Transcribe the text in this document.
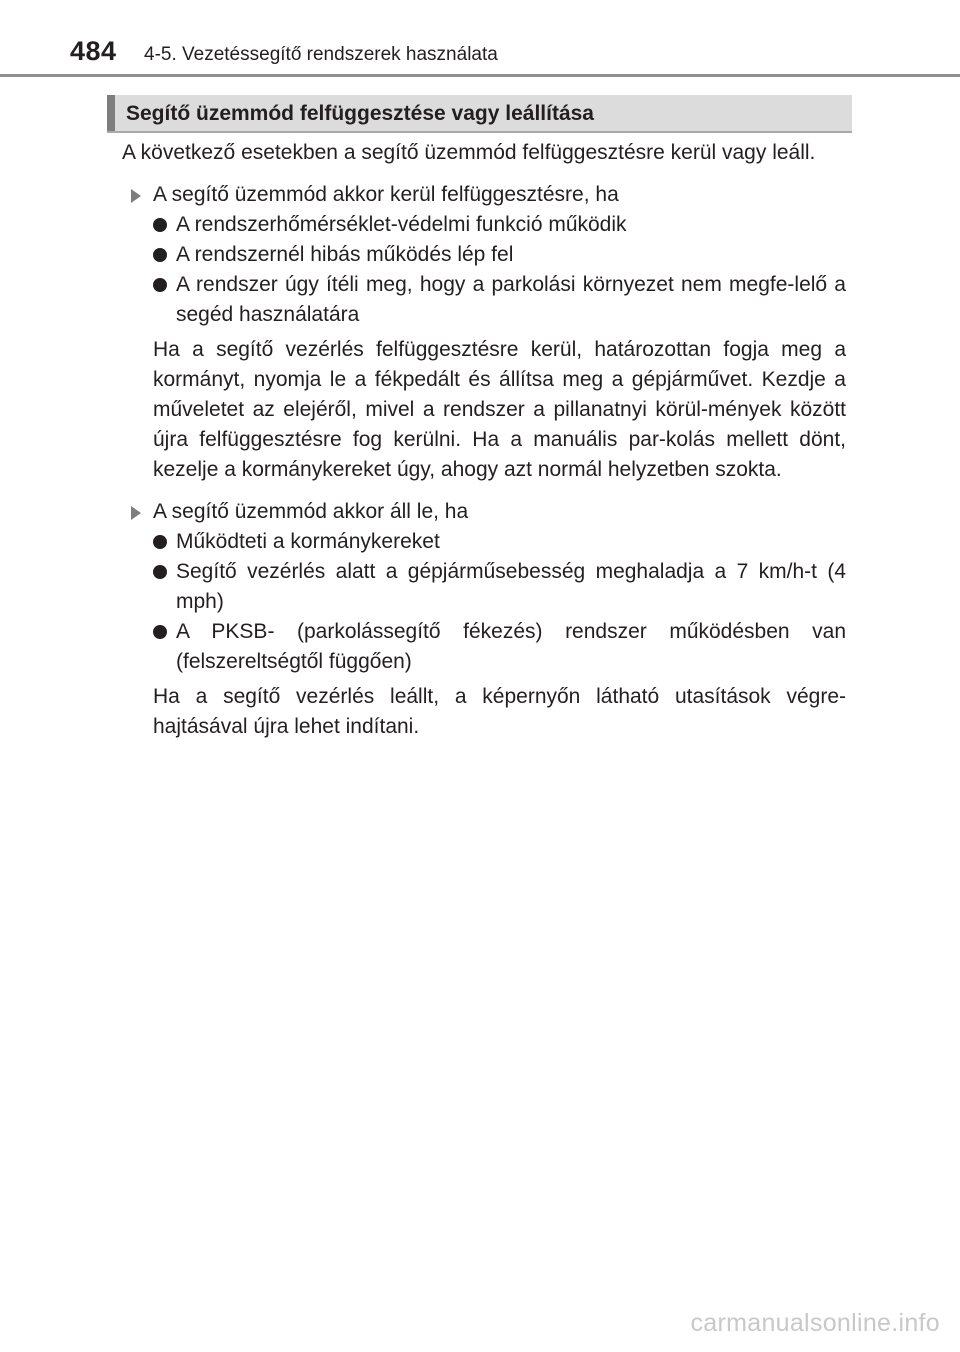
484 4-5. Vezetéssegítő rendszerek használata
Segítő üzemmód felfüggesztése vagy leállítása

A következő esetekben a segítő üzemmód felfüggesztésre kerül vagy leáll.

A segítő üzemmód akkor kerül felfüggesztésre, ha

A rendszerhőmérséklet-védelmi funkció működik

A rendszernél hibás működés lép fel

A rendszer úgy ítéli meg, hogy a parkolási környezet nem megfe-lelő a segéd használatára

Ha a segítő vezérlés felfüggesztésre kerül, határozottan fogja meg a kormányt, nyomja le a fékpedált és állítsa meg a gépjárművet. Kezdje a műveletet az elejéről, mivel a rendszer a pillanatnyi körül-mények között újra felfüggesztésre fog kerülni. Ha a manuális par-kolás mellett dönt, kezelje a kormánykereket úgy, ahogy azt normál helyzetben szokta.

A segítő üzemmód akkor áll le, ha

Működteti a kormánykereket

Segítő vezérlés alatt a gépjárműsebesség meghaladja a 7 km/h-t (4 mph)

A PKSB- (parkolássegítő fékezés) rendszer működésben van (felszereltségtől függően)

Ha a segítő vezérlés leállt, a képernyőn látható utasítások végre-hajtásával újra lehet indítani.

carmanualsonline.info
